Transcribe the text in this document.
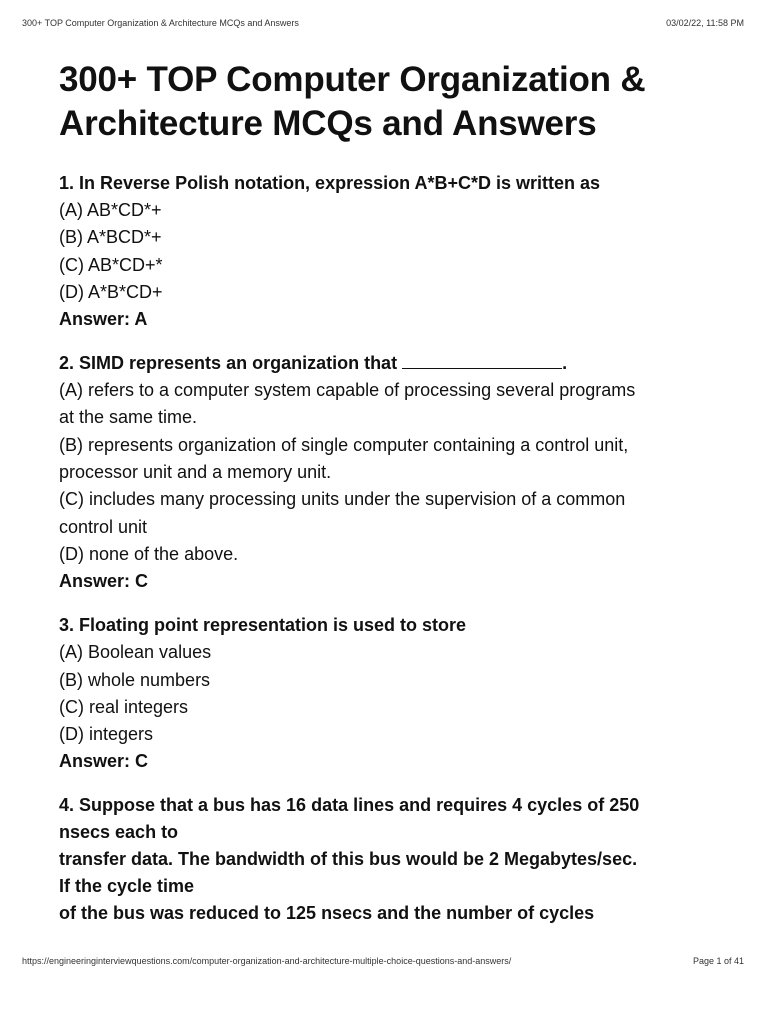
300+ TOP Computer Organization & Architecture MCQs and Answers	03/02/22, 11:58 PM
300+ TOP Computer Organization &
Architecture MCQs and Answers

1. In Reverse Polish notation, expression A*B+C*D is written as

(A) AB*CD*+

(B) A*BCD*+

(C) AB*CD+*

(D) A*B*CD+

Answer: A

2. SIMD represents an organization that	.

(A) refers to a computer system capable of processing several programs

at the same time.

(B) represents organization of single computer containing a control unit,

processor unit and a memory unit.

(C) includes many processing units under the supervision of a common

control unit

(D) none of the above.

Answer: C

3. Floating point representation is used to store

(A) Boolean values

(B) whole numbers

(C) real integers

(D) integers

Answer: C

4. Suppose that a bus has 16 data lines and requires 4 cycles of 250

nsecs each to

transfer data. The bandwidth of this bus would be 2 Megabytes/sec.

If the cycle time

of the bus was reduced to 125 nsecs and the number of cycles

https://engineeringinterviewquestions.com/computer-organization-and-architecture-multiple-choice-questions-and-answers/	Page 1 of 41
